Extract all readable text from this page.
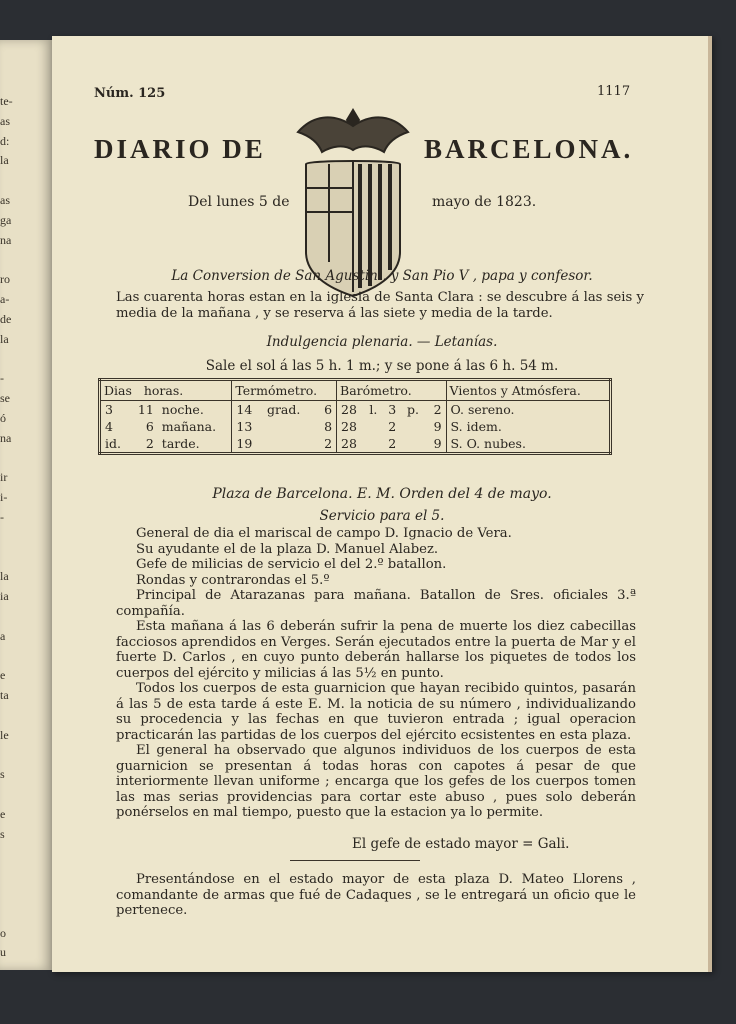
te-
as
d:
la
as
ga
na
ro
a-
de
la
-
se
ó
na
ir
i-
-
la
ia
a
e
ta
le
s
e
s
o
u
Núm. 125	1117
DIARIO DE	BARCELONA.
Del lunes 5 de	mayo de 1823.
La Conversion de San Agustin , y San Pio V , papa y confesor.
Las cuarenta horas estan en la iglesia de Santa Clara : se descubre á las seis y media de la mañana , y se reserva á las siete y media de la tarde.
Indulgencia plenaria. — Letanías.
Sale el sol á las 5 h. 1 m.; y se pone á las 6 h. 54 m.
Dias horas.			Termómetro.			Barómetro.					Vientos y Atmósfera.
3	11	noche.	14	grad.	6	28	l.	3	p.	2	O. sereno.
4	6	mañana.	13		8	28		2		9	S. idem.
id.	2	tarde.	19		2	28		2		9	S. O. nubes.
Plaza de Barcelona. E. M. Orden del 4 de mayo.
Servicio para el 5.
General de dia el mariscal de campo D. Ignacio de Vera.
Su ayudante el de la plaza D. Manuel Alabez.
Gefe de milicias de servicio el del 2.º batallon.
Rondas y contrarondas el 5.º
Principal de Atarazanas para mañana. Batallon de Sres. oficiales 3.ª compañía.
Esta mañana á las 6 deberán sufrir la pena de muerte los diez cabecillas facciosos aprendidos en Verges. Serán ejecutados entre la puerta de Mar y el fuerte D. Carlos , en cuyo punto deberán hallarse los piquetes de todos los cuerpos del ejército y milicias á las 5½ en punto.
Todos los cuerpos de esta guarnicion que hayan recibido quintos, pasarán á las 5 de esta tarde á este E. M. la noticia de su número , individualizando su procedencia y las fechas en que tuvieron entrada ; igual operacion practicarán las partidas de los cuerpos del ejército ecsistentes en esta plaza.
El general ha observado que algunos individuos de los cuerpos de esta guarnicion se presentan á todas horas con capotes á pesar de que interiormente llevan uniforme ; encarga que los gefes de los cuerpos tomen las mas serias providencias para cortar este abuso , pues solo deberán ponérselos en mal tiempo, puesto que la estacion ya lo permite.
El gefe de estado mayor = Gali.
Presentándose en el estado mayor de esta plaza D. Mateo Llorens , comandante de armas que fué de Cadaques , se le entregará un oficio que le pertenece.
